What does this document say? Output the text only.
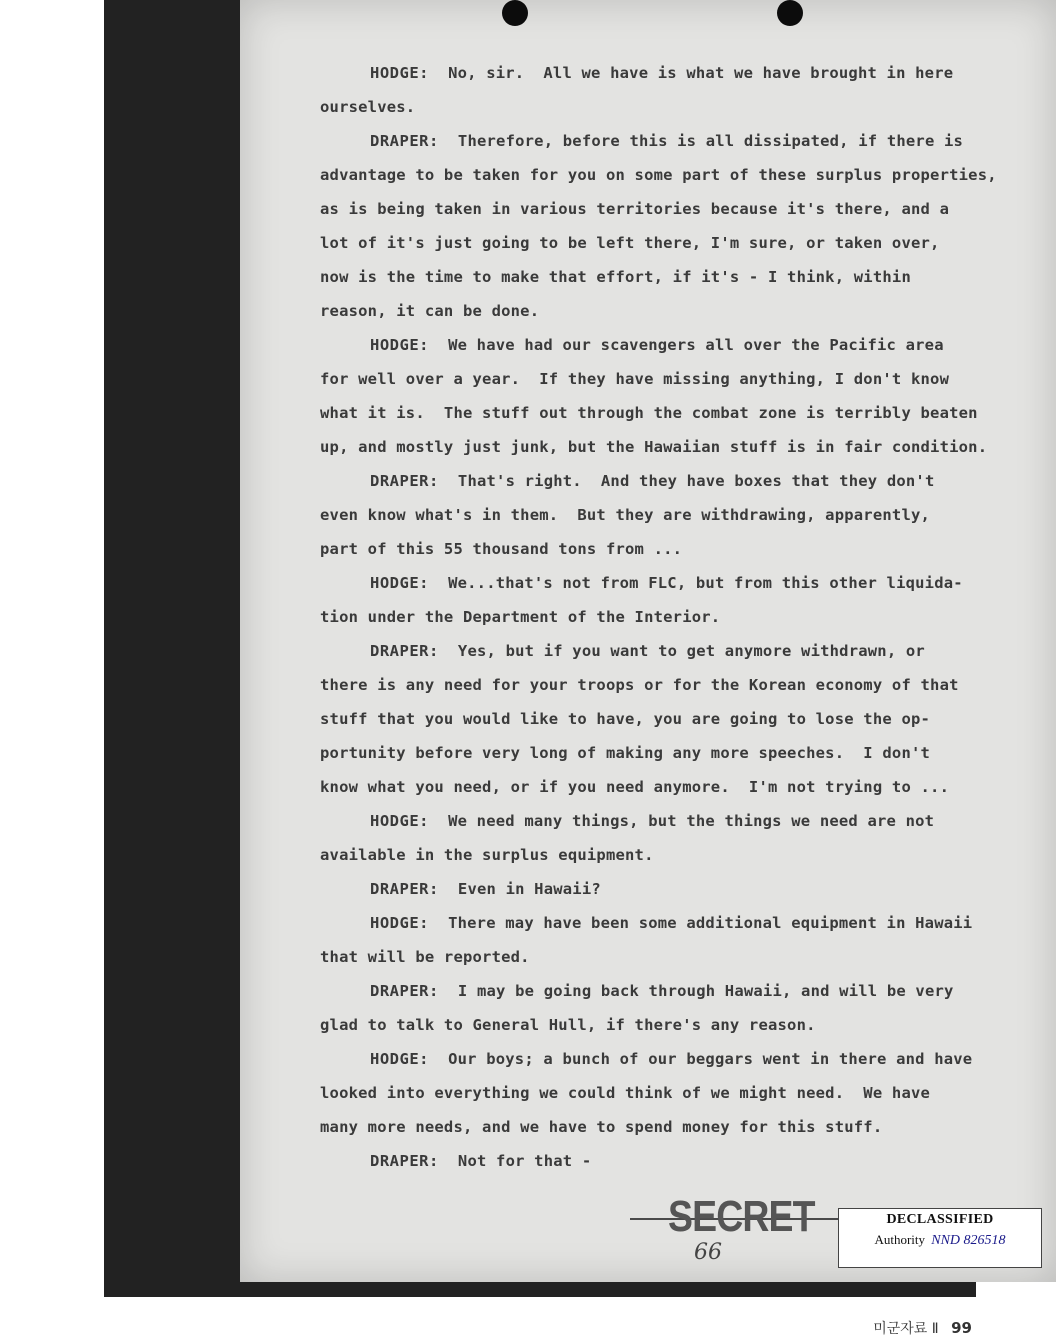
HODGE: No, sir.  All we have is what we have brought in here
ourselves.

DRAPER: Therefore, before this is all dissipated, if there is
advantage to be taken for you on some part of these surplus properties,
as is being taken in various territories because it's there, and a
lot of it's just going to be left there, I'm sure, or taken over,
now is the time to make that effort, if it's - I think, within
reason, it can be done.

HODGE: We have had our scavengers all over the Pacific area
for well over a year.  If they have missing anything, I don't know
what it is.  The stuff out through the combat zone is terribly beaten
up, and mostly just junk, but the Hawaiian stuff is in fair condition.

DRAPER: That's right.  And they have boxes that they don't
even know what's in them.  But they are withdrawing, apparently,
part of this 55 thousand tons from ...

HODGE: We...that's not from FLC, but from this other liquida-
tion under the Department of the Interior.

DRAPER: Yes, but if you want to get anymore withdrawn, or
there is any need for your troops or for the Korean economy of that
stuff that you would like to have, you are going to lose the op-
portunity before very long of making any more speeches.  I don't
know what you need, or if you need anymore.  I'm not trying to ...

HODGE: We need many things, but the things we need are not
available in the surplus equipment.

DRAPER: Even in Hawaii?

HODGE: There may have been some additional equipment in Hawaii
that will be reported.

DRAPER: I may be going back through Hawaii, and will be very
glad to talk to General Hull, if there's any reason.

HODGE: Our boys; a bunch of our beggars went in there and have
looked into everything we could think of we might need.  We have
many more needs, and we have to spend money for this stuff.

DRAPER: Not for that -

SECRET
66
DECLASSIFIED
Authority NND 826518
미군자료 Ⅱ 99
